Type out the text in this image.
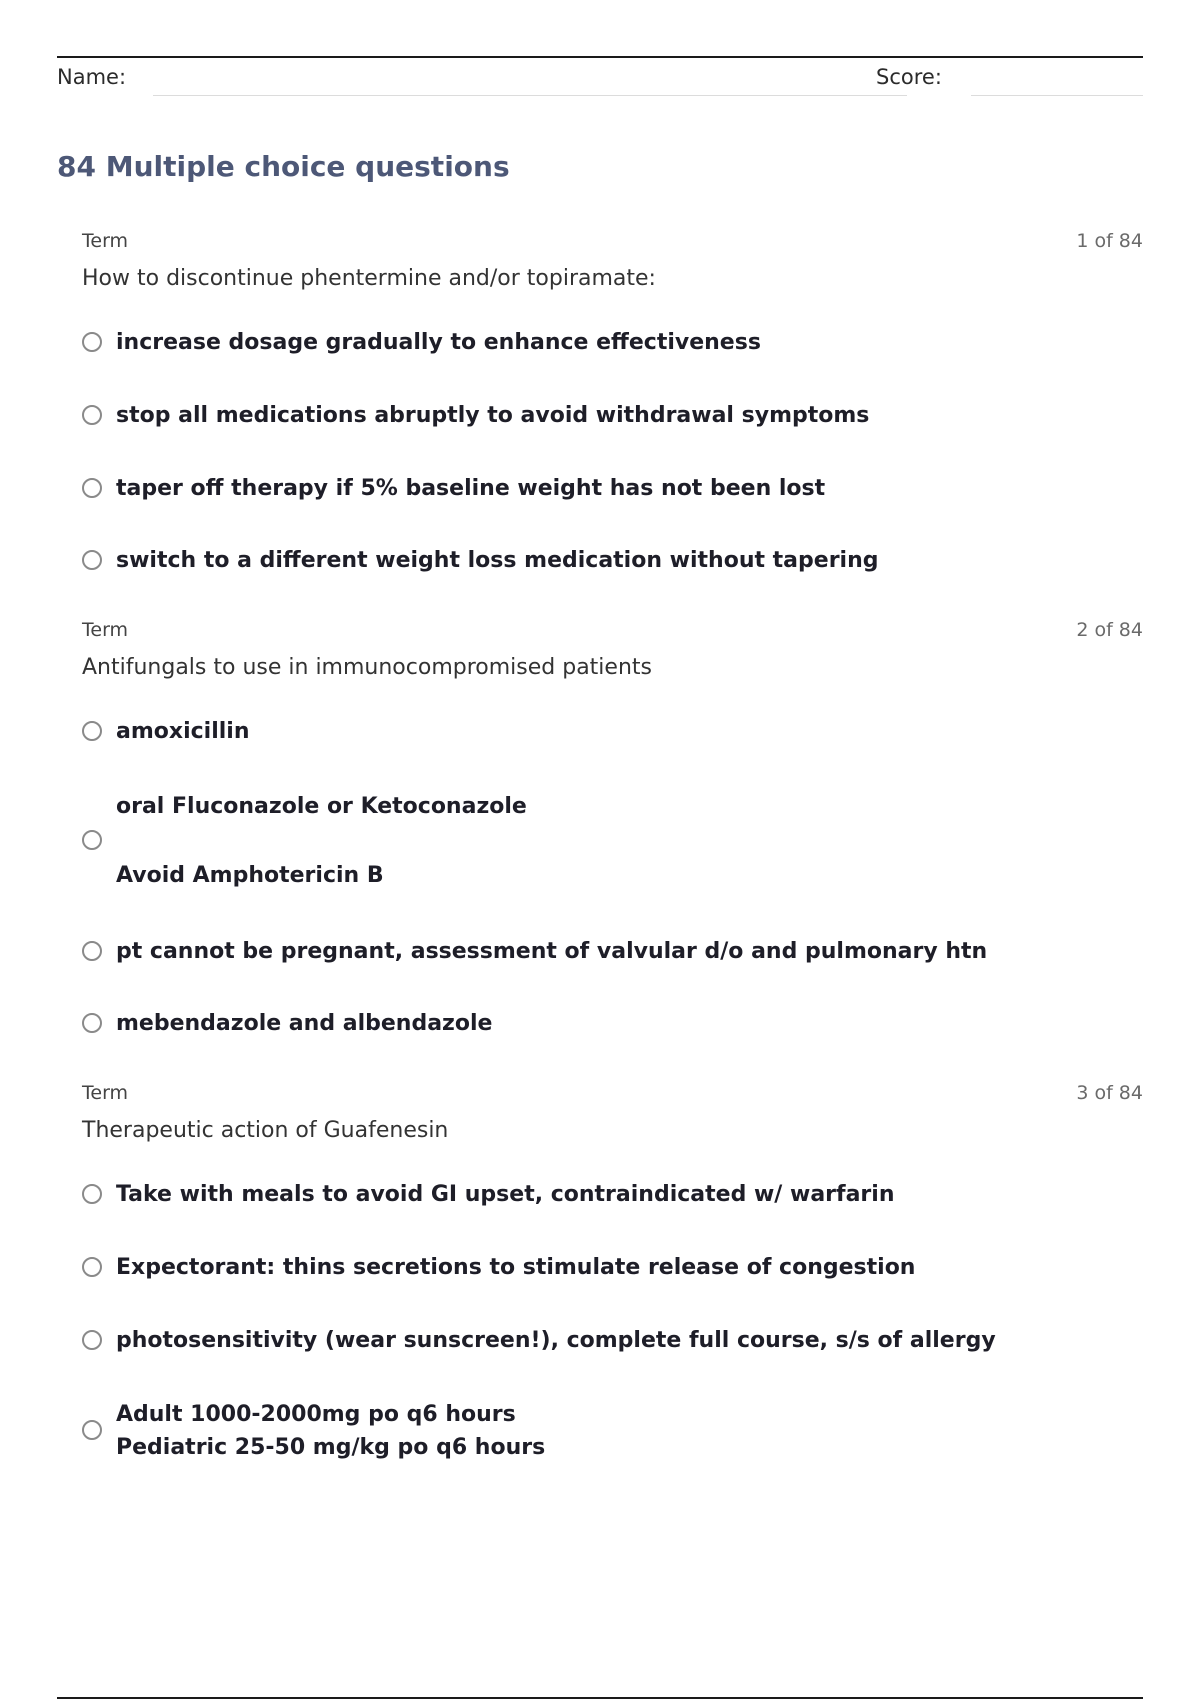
Name:	Score:
84 Multiple choice questions
Term	1 of 84
How to discontinue phentermine and/or topiramate:
increase dosage gradually to enhance effectiveness
stop all medications abruptly to avoid withdrawal symptoms
taper off therapy if 5% baseline weight has not been lost
switch to a different weight loss medication without tapering
Term	2 of 84
Antifungals to use in immunocompromised patients
amoxicillin
oral Fluconazole or Ketoconazole
Avoid Amphotericin B
pt cannot be pregnant, assessment of valvular d/o and pulmonary htn
mebendazole and albendazole
Term	3 of 84
Therapeutic action of Guafenesin
Take with meals to avoid GI upset, contraindicated w/ warfarin
Expectorant: thins secretions to stimulate release of congestion
photosensitivity (wear sunscreen!), complete full course, s/s of allergy
Adult 1000-2000mg po q6 hours
Pediatric 25-50 mg/kg po q6 hours
